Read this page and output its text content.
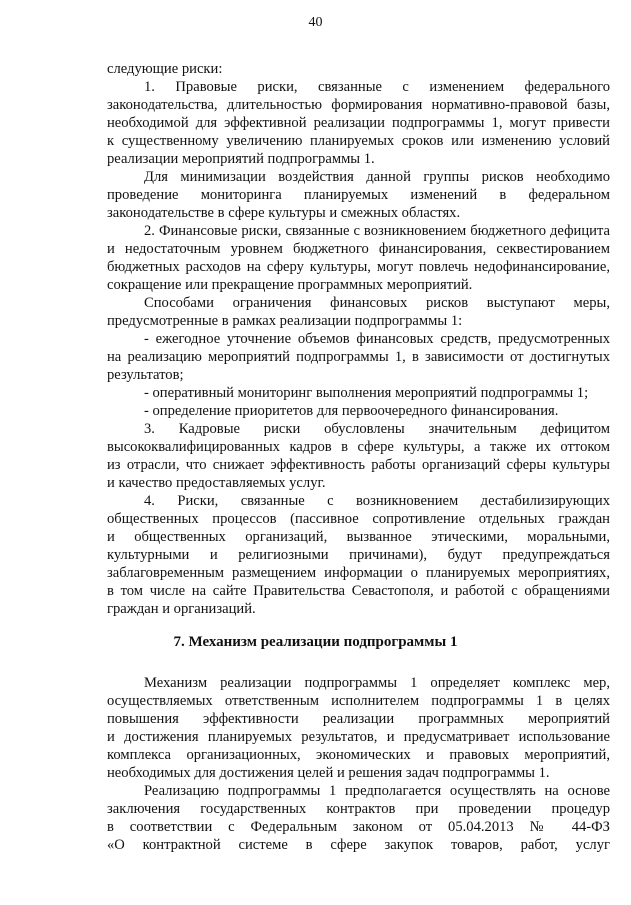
40
следующие риски:
1. Правовые риски, связанные с изменением федерального
законодательства, длительностью формирования нормативно-правовой базы,
необходимой для эффективной реализации подпрограммы 1, могут привести
к существенному увеличению планируемых сроков или изменению условий
реализации мероприятий подпрограммы 1.
Для минимизации воздействия данной группы рисков необходимо
проведение мониторинга планируемых изменений в федеральном
законодательстве в сфере культуры и смежных областях.
2. Финансовые риски, связанные с возникновением бюджетного дефицита
и недостаточным уровнем бюджетного финансирования, секвестированием
бюджетных расходов на сферу культуры, могут повлечь недофинансирование,
сокращение или прекращение программных мероприятий.
Способами ограничения финансовых рисков выступают меры,
предусмотренные в рамках реализации подпрограммы 1:
- ежегодное уточнение объемов финансовых средств, предусмотренных
на реализацию мероприятий подпрограммы 1, в зависимости от достигнутых
результатов;
- оперативный мониторинг выполнения мероприятий подпрограммы 1;
- определение приоритетов для первоочередного финансирования.
3. Кадровые риски обусловлены значительным дефицитом
высококвалифицированных кадров в сфере культуры, а также их оттоком
из отрасли, что снижает эффективность работы организаций сферы культуры
и качество предоставляемых услуг.
4. Риски, связанные с возникновением дестабилизирующих
общественных процессов (пассивное сопротивление отдельных граждан
и общественных организаций, вызванное этическими, моральными,
культурными и религиозными причинами), будут предупреждаться
заблаговременным размещением информации о планируемых мероприятиях,
в том числе на сайте Правительства Севастополя, и работой с обращениями
граждан и организаций.
7. Механизм реализации подпрограммы 1
Механизм реализации подпрограммы 1 определяет комплекс мер,
осуществляемых ответственным исполнителем подпрограммы 1 в целях
повышения эффективности реализации программных мероприятий
и достижения планируемых результатов, и предусматривает использование
комплекса организационных, экономических и правовых мероприятий,
необходимых для достижения целей и решения задач подпрограммы 1.
Реализацию подпрограммы 1 предполагается осуществлять на основе
заключения государственных контрактов при проведении процедур
в соответствии с Федеральным законом от 05.04.2013 № 44-ФЗ
«О контрактной системе в сфере закупок товаров, работ, услуг
